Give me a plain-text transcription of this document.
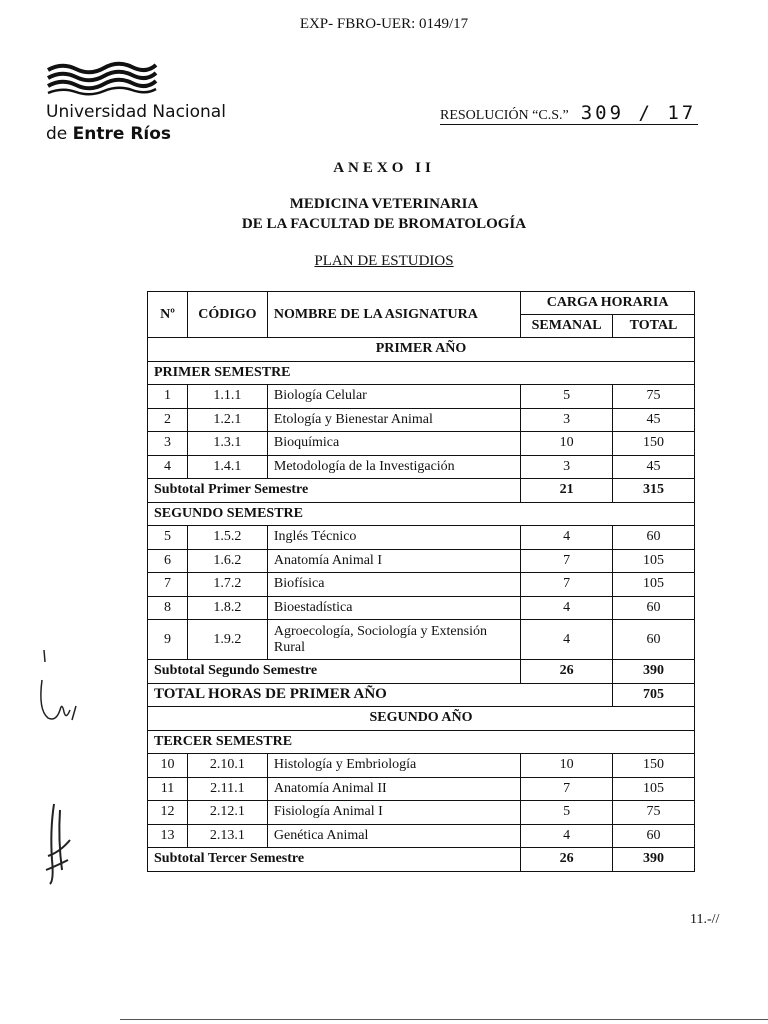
EXP- FBRO-UER: 0149/17
Universidad Nacional
de Entre Ríos
RESOLUCIÓN “C.S.” 309 / 17
ANEXO II
MEDICINA VETERINARIA
DE LA FACULTAD DE BROMATOLOGÍA
PLAN DE ESTUDIOS
Nº	CÓDIGO	NOMBRE DE LA ASIGNATURA	CARGA HORARIA	
			SEMANAL	TOTAL
PRIMER AÑO				
PRIMER SEMESTRE				
1	1.1.1	Biología Celular	5	75
2	1.2.1	Etología y Bienestar Animal	3	45
3	1.3.1	Bioquímica	10	150
4	1.4.1	Metodología de la Investigación	3	45
Subtotal Primer Semestre			21	315
SEGUNDO SEMESTRE				
5	1.5.2	Inglés Técnico	4	60
6	1.6.2	Anatomía Animal I	7	105
7	1.7.2	Biofísica	7	105
8	1.8.2	Bioestadística	4	60
9	1.9.2	Agroecología, Sociología y Extensión Rural	4	60
Subtotal Segundo Semestre			26	390
TOTAL HORAS DE PRIMER AÑO				705
SEGUNDO AÑO				
TERCER SEMESTRE				
10	2.10.1	Histología y Embriología	10	150
11	2.11.1	Anatomía Animal II	7	105
12	2.12.1	Fisiología Animal I	5	75
13	2.13.1	Genética Animal	4	60
Subtotal Tercer Semestre			26	390
11.-//
